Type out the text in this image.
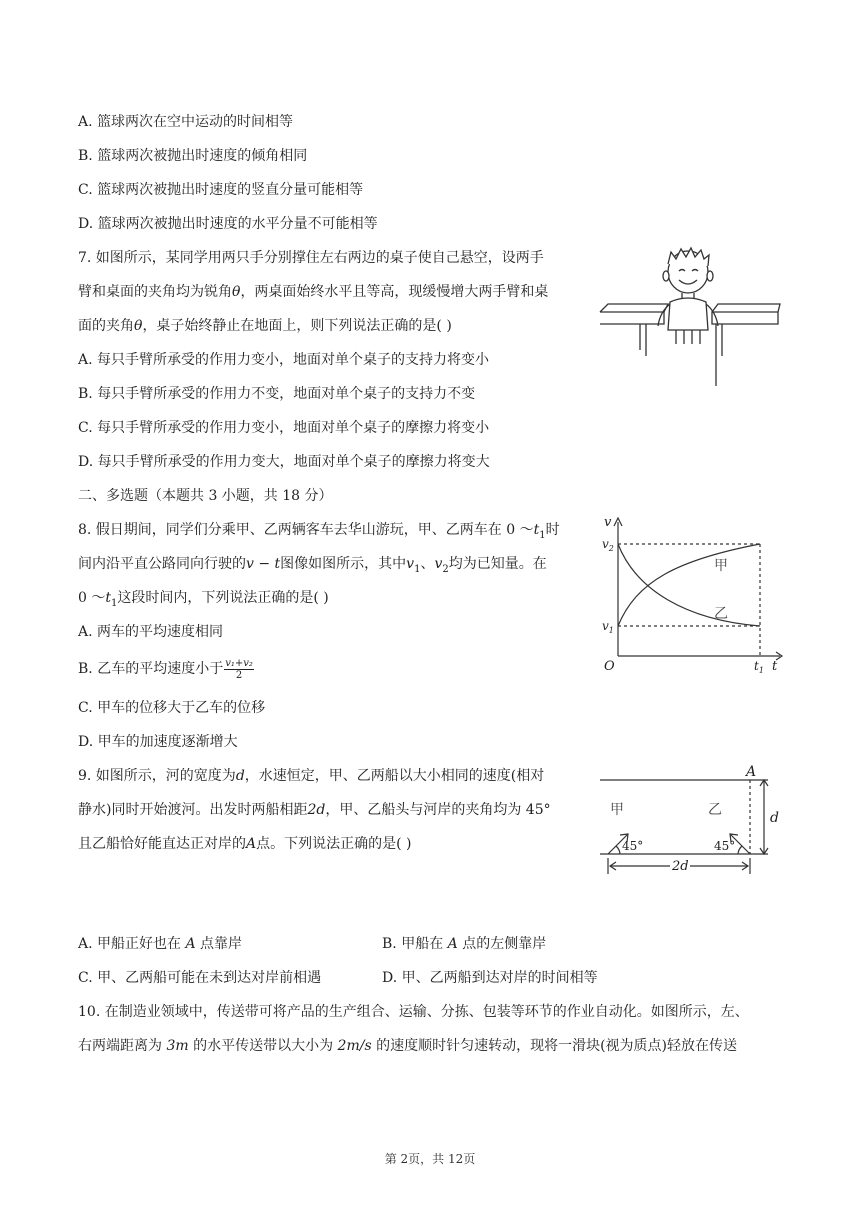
A. 篮球两次在空中运动的时间相等
B. 篮球两次被抛出时速度的倾角相同
C. 篮球两次被抛出时速度的竖直分量可能相等
D. 篮球两次被抛出时速度的水平分量不可能相等
7. 如图所示，某同学用两只手分别撑住左右两边的桌子使自己悬空，设两手
臂和桌面的夹角均为锐角θ，两桌面始终水平且等高，现缓慢增大两手臂和桌
面的夹角θ，桌子始终静止在地面上，则下列说法正确的是( )
A. 每只手臂所承受的作用力变小，地面对单个桌子的支持力将变小
B. 每只手臂所承受的作用力不变，地面对单个桌子的支持力不变
C. 每只手臂所承受的作用力变小，地面对单个桌子的摩擦力将变小
D. 每只手臂所承受的作用力变大，地面对单个桌子的摩擦力将变大
二、多选题（本题共 3 小题，共 18 分）
8. 假日期间，同学们分乘甲、乙两辆客车去华山游玩，甲、乙两车在 0 $\sim t_1$时
间内沿平直公路同向行驶的v − t图像如图所示，其中$v_1$、$v_2$均为已知量。在
0 $\sim t_1$这段时间内，下列说法正确的是( )
A. 两车的平均速度相同
B. 乙车的平均速度小于 $\frac{\text{v₁+v₂}}{2}$
C. 甲车的位移大于乙车的位移
D. 甲车的加速度逐渐增大
v
$v_2$
$v_1$
O	$t_1$ t
甲
乙
9. 如图所示，河的宽度为d，水速恒定，甲、乙两船以大小相同的速度(相对
静水)同时开始渡河。出发时两船相距2d，甲、乙船头与河岸的夹角均为 45°
且乙船恰好能直达正对岸的A点。下列说法正确的是( )
A
d
2d
45°	45°
甲	乙
A. 甲船正好也在 A 点靠岸	B. 甲船在 A 点的左侧靠岸
C. 甲、乙两船可能在未到达对岸前相遇	D. 甲、乙两船到达对岸的时间相等
10. 在制造业领域中，传送带可将产品的生产组合、运输、分拣、包装等环节的作业自动化。如图所示，左、
右两端距离为 3m 的水平传送带以大小为 2m/s 的速度顺时针匀速转动，现将一滑块(视为质点)轻放在传送
第 2页，共 12页
